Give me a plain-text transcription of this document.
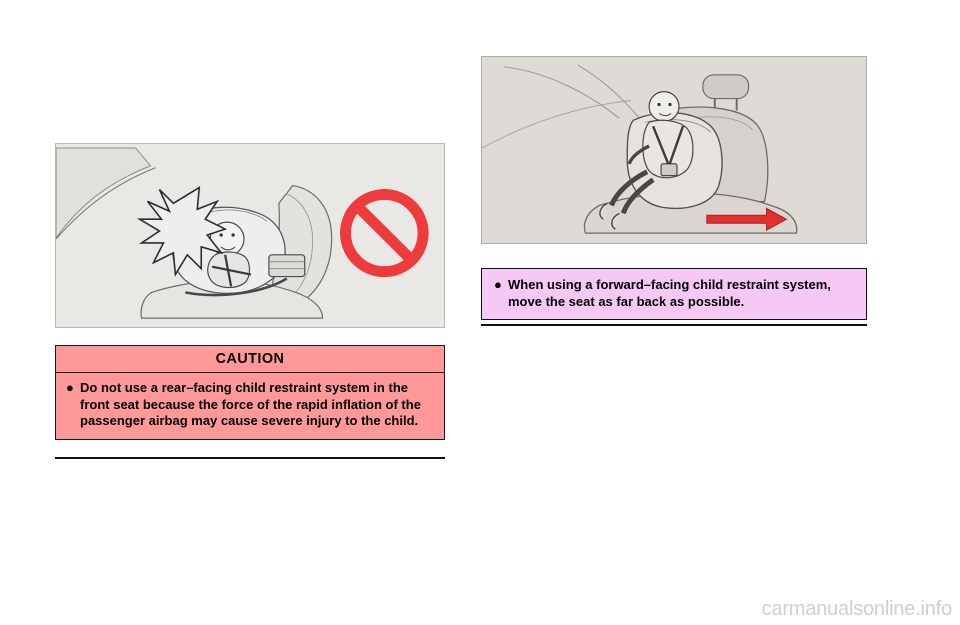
CAUTION
● Do not use a rear–facing child restraint system in the front seat because the force of the rapid inflation of the passenger airbag may cause severe injury to the child.
● When using a forward–facing child restraint system, move the seat as far back as possible.
carmanualsonline.info
